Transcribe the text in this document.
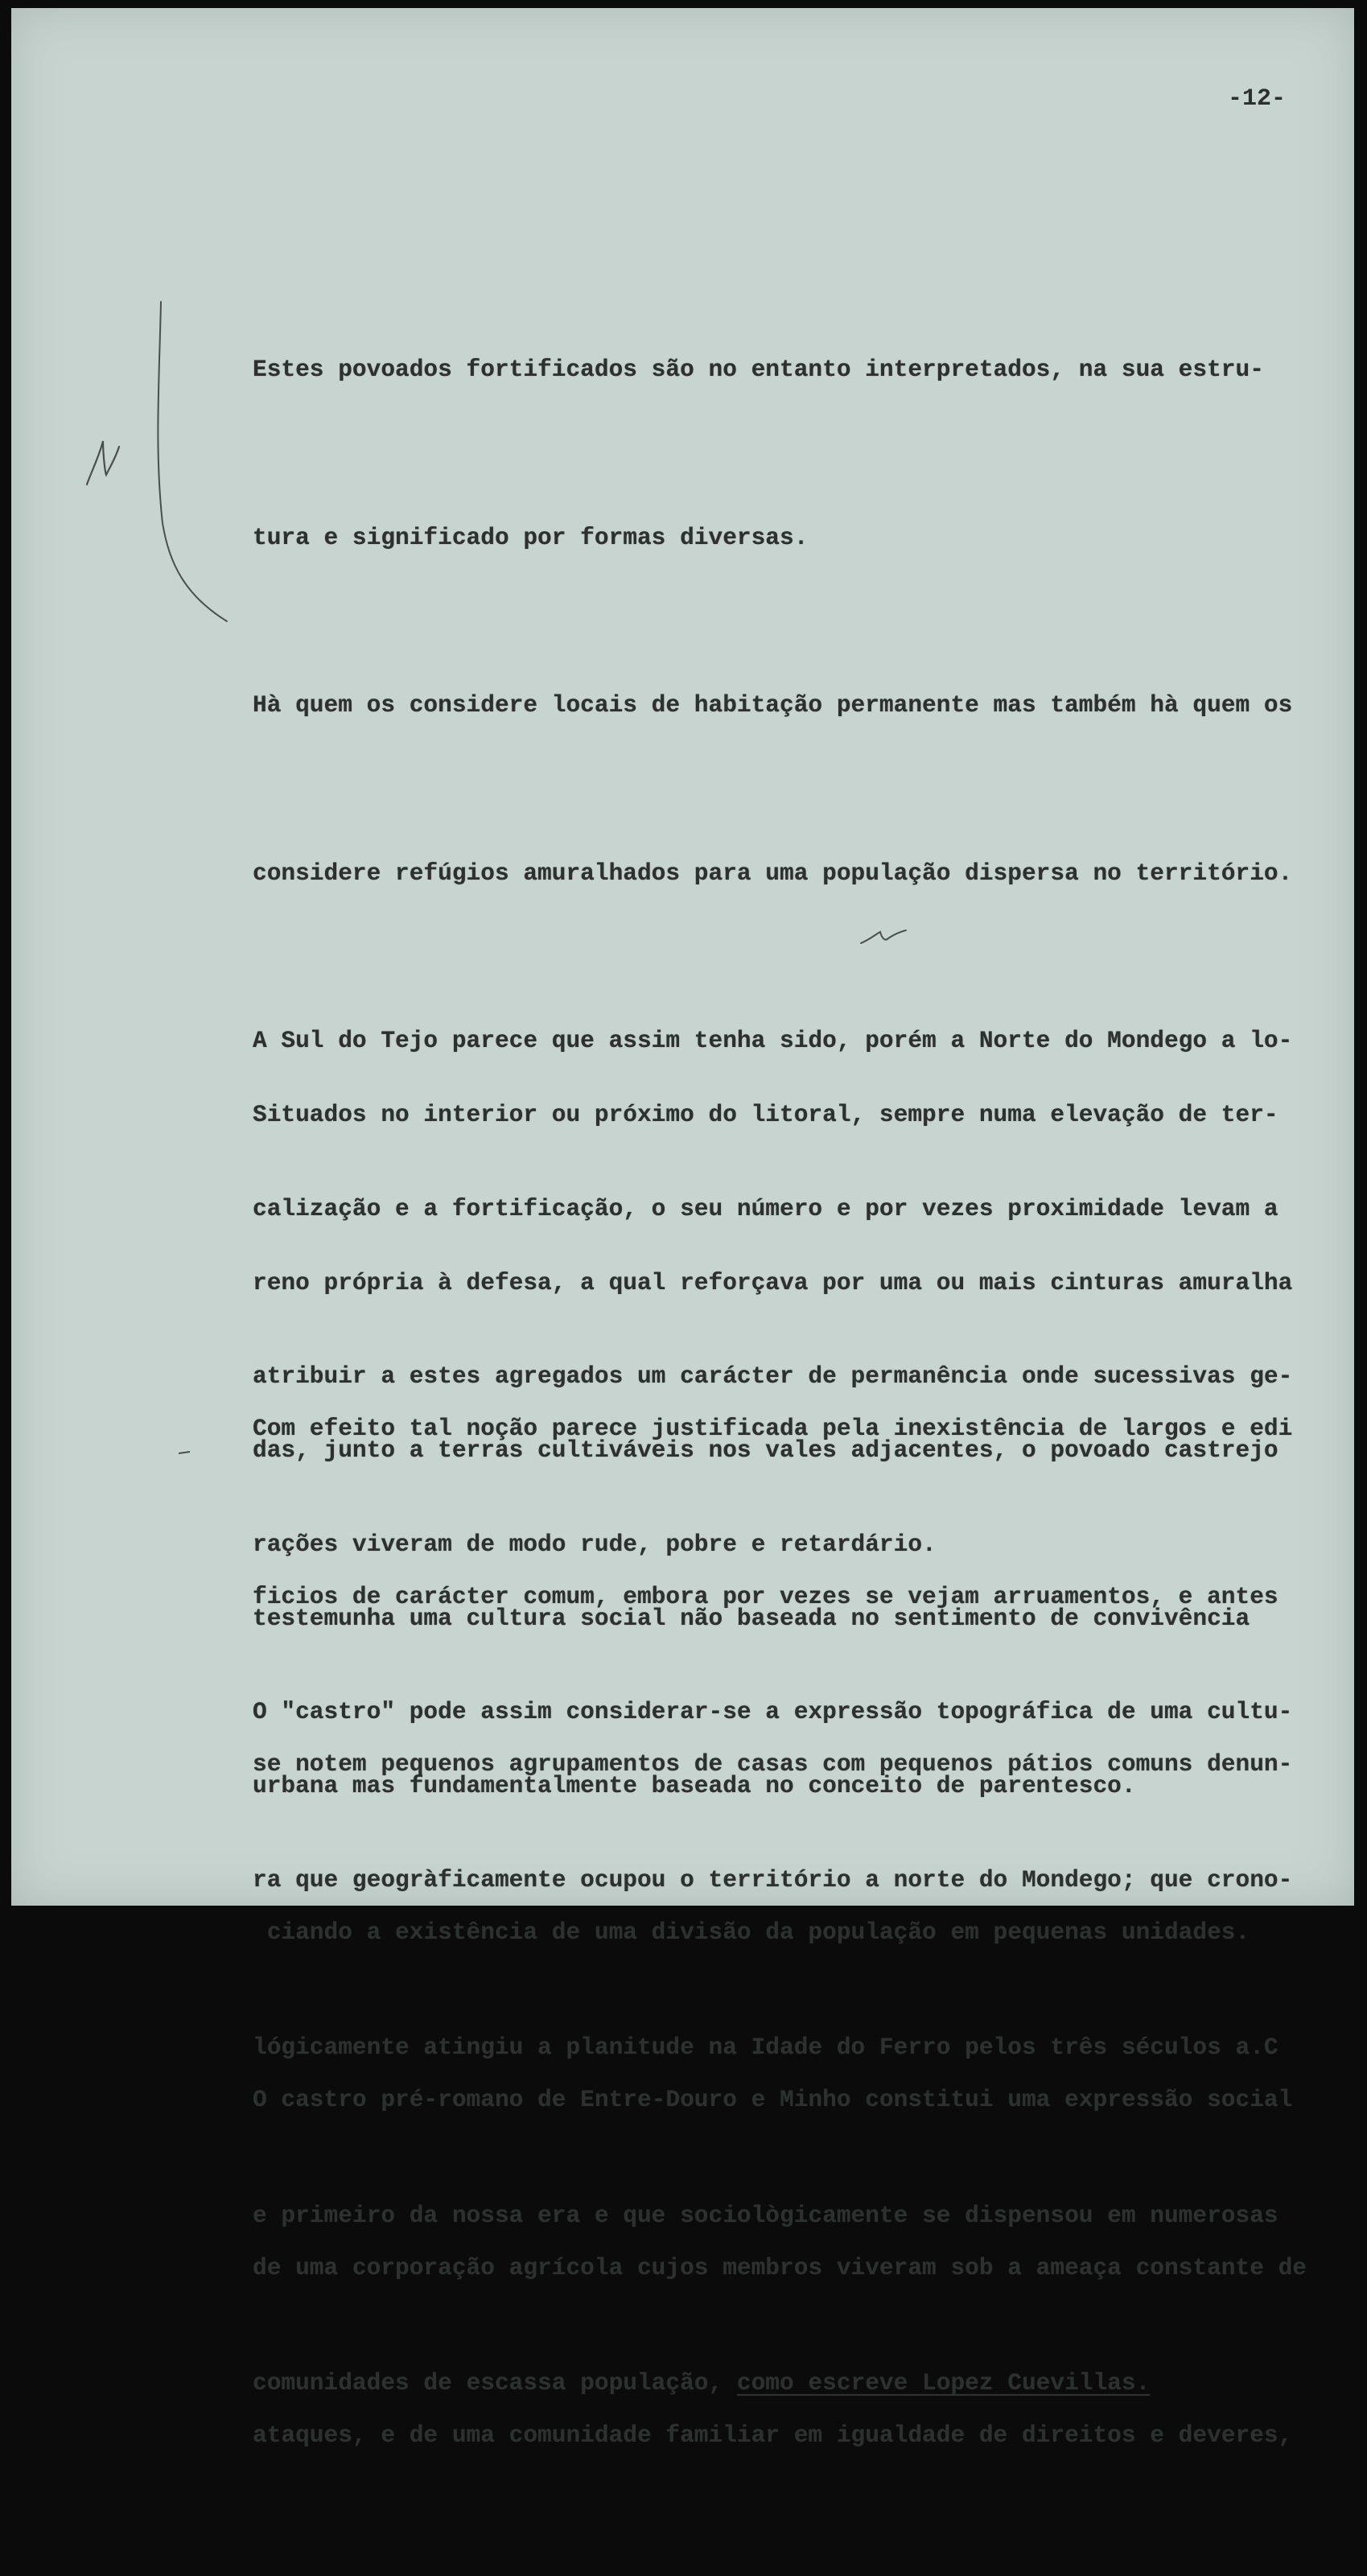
-12-

Estes povoados fortificados são no entanto interpretados, na sua estru-

tura e significado por formas diversas.

Hà quem os considere locais de habitação permanente mas também hà quem os

considere refúgios amuralhados para uma população dispersa no território.

A Sul do Tejo parece que assim tenha sido, porém a Norte do Mondego a lo-

calização e a fortificação, o seu número e por vezes proximidade levam a

atribuir a estes agregados um carácter de permanência onde sucessivas ge-

rações viveram de modo rude, pobre e retardário.

O "castro" pode assim considerar-se a expressão topográfica de uma cultu-

ra que geogràficamente ocupou o território a norte do Mondego; que crono-

lógicamente atingiu a planitude na Idade do Ferro pelos três séculos a.C

e primeiro da nossa era e que sociològicamente se dispensou em numerosas

comunidades de escassa população, como escreve Lopez Cuevillas.

Situados no interior ou próximo do litoral, sempre numa elevação de ter-

reno própria à defesa, a qual reforçava por uma ou mais cinturas amuralha

das, junto a terras cultiváveis nos vales adjacentes, o povoado castrejo

testemunha uma cultura social não baseada no sentimento de convivência

urbana mas fundamentalmente baseada no conceito de parentesco.

Com efeito tal noção parece justificada pela inexistência de largos e edi

ficios de carácter comum, embora por vezes se vejam arruamentos, e antes

se notem pequenos agrupamentos de casas com pequenos pátios comuns denun-

ciando a existência de uma divisão da população em pequenas unidades.

O castro pré-romano de Entre-Douro e Minho constitui uma expressão social

de uma corporação agrícola cujos membros viveram sob a ameaça constante de

ataques, e de uma comunidade familiar em igualdade de direitos e deveres,
